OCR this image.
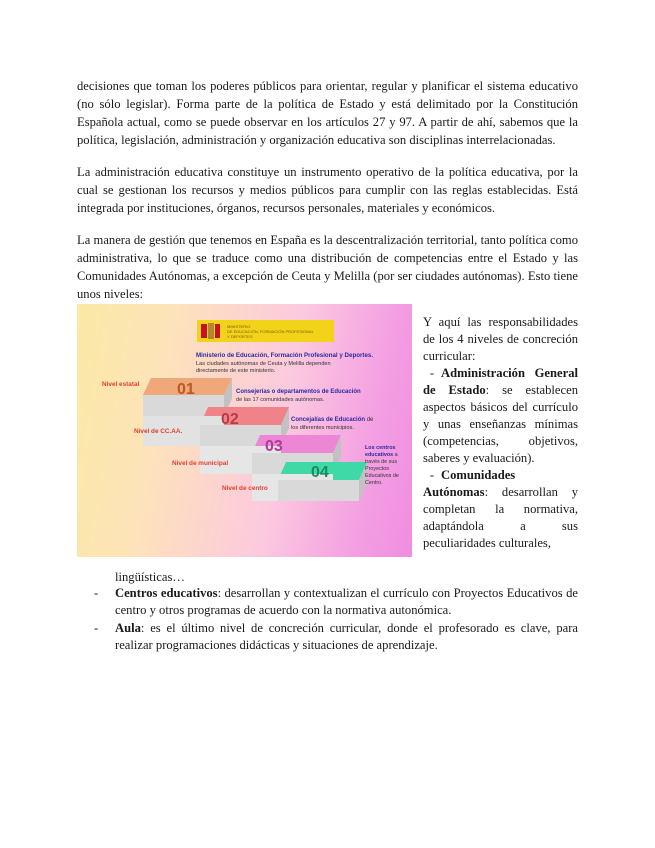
decisiones que toman los poderes públicos para orientar, regular y planificar el sistema educativo (no sólo legislar). Forma parte de la política de Estado y está delimitado por la Constitución Española actual, como se puede observar en los artículos 27 y 97. A partir de ahí, sabemos que la política, legislación, administración y organización educativa son disciplinas interrelacionadas.

La administración educativa constituye un instrumento operativo de la política educativa, por la cual se gestionan los recursos y medios públicos para cumplir con las reglas establecidas. Está integrada por instituciones, órganos, recursos personales, materiales y económicos.

La manera de gestión que tenemos en España es la descentralización territorial, tanto política como administrativa, lo que se traduce como una distribución de competencias entre el Estado y las Comunidades Autónomas, a excepción de Ceuta y Melilla (por ser ciudades autónomas). Esto tiene unos niveles:

MINISTERIO
DE EDUCACIÓN, FORMACIÓN PROFESIONAL
Y DEPORTES
Ministerio de Educación, Formación Profesional y Deportes.
Las ciudades autónomas de Ceuta y Melilla dependen
directamente de este ministerio.
01
02
03
04
Nivel estatal
Nivel de CC.AA.
Nivel de municipal
Nivel de centro
Consejerías o departamentos de Educación
de las 17 comunidades autónomas.
Concejalías de Educación de
los diferentes municipios.
Los centros
educativos a
través de sus
Proyectos
Educativos de
Centro.

Y aquí las responsabilidades de los 4 niveles de concreción curricular:

- Administración General de Estado: se establecen aspectos básicos del currículo y unas enseñanzas mínimas (competencias, objetivos, saberes y evaluación).

- Comunidades Autónomas: desarrollan y completan la normativa, adaptándola a sus peculiaridades culturales,

lingüísticas…
- Centros educativos: desarrollan y contextualizan el currículo con Proyectos Educativos de centro y otros programas de acuerdo con la normativa autonómica.
- Aula: es el último nivel de concreción curricular, donde el profesorado es clave, para realizar programaciones didácticas y situaciones de aprendizaje.
